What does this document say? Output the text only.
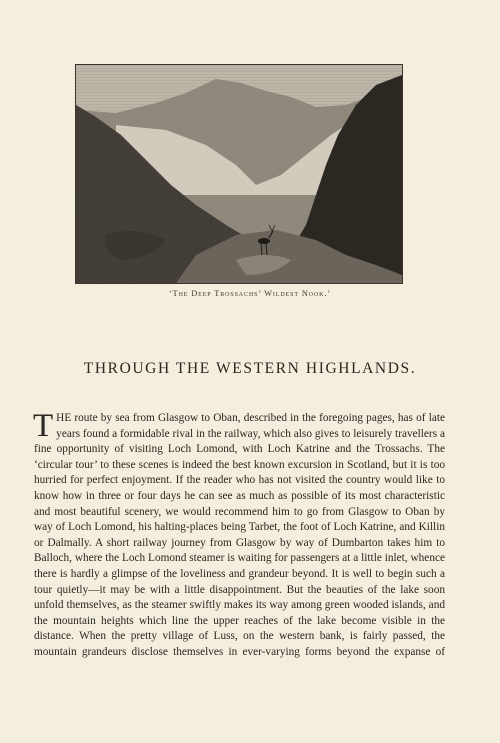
‘The Deep Trossachs’ Wildest Nook.’
THROUGH THE WESTERN HIGHLANDS.
THE route by sea from Glasgow to Oban, described in the foregoing pages, has of late years found a formidable rival in the railway, which also gives to leisurely travellers a fine opportunity of visiting Loch Lomond, with Loch Katrine and the Trossachs. The ‘circular tour’ to these scenes is indeed the best known excursion in Scotland, but it is too hurried for perfect enjoyment. If the reader who has not visited the country would like to know how in three or four days he can see as much as possible of its most characteristic and most beautiful scenery, we would recommend him to go from Glasgow to Oban by way of Loch Lomond, his halting-places being Tarbet, the foot of Loch Katrine, and Killin or Dalmally. A short railway journey from Glasgow by way of Dumbarton takes him to Balloch, where the Loch Lomond steamer is waiting for passengers at a little inlet, whence there is hardly a glimpse of the loveliness and grandeur beyond. It is well to begin such a tour quietly—it may be with a little disappointment. But the beauties of the lake soon unfold themselves, as the steamer swiftly makes its way among green wooded islands, and the mountain heights which line the upper reaches of the lake become visible in the distance. When the pretty village of Luss, on the western bank, is fairly passed, the mountain grandeurs disclose themselves in ever-varying forms beyond the expanse of
